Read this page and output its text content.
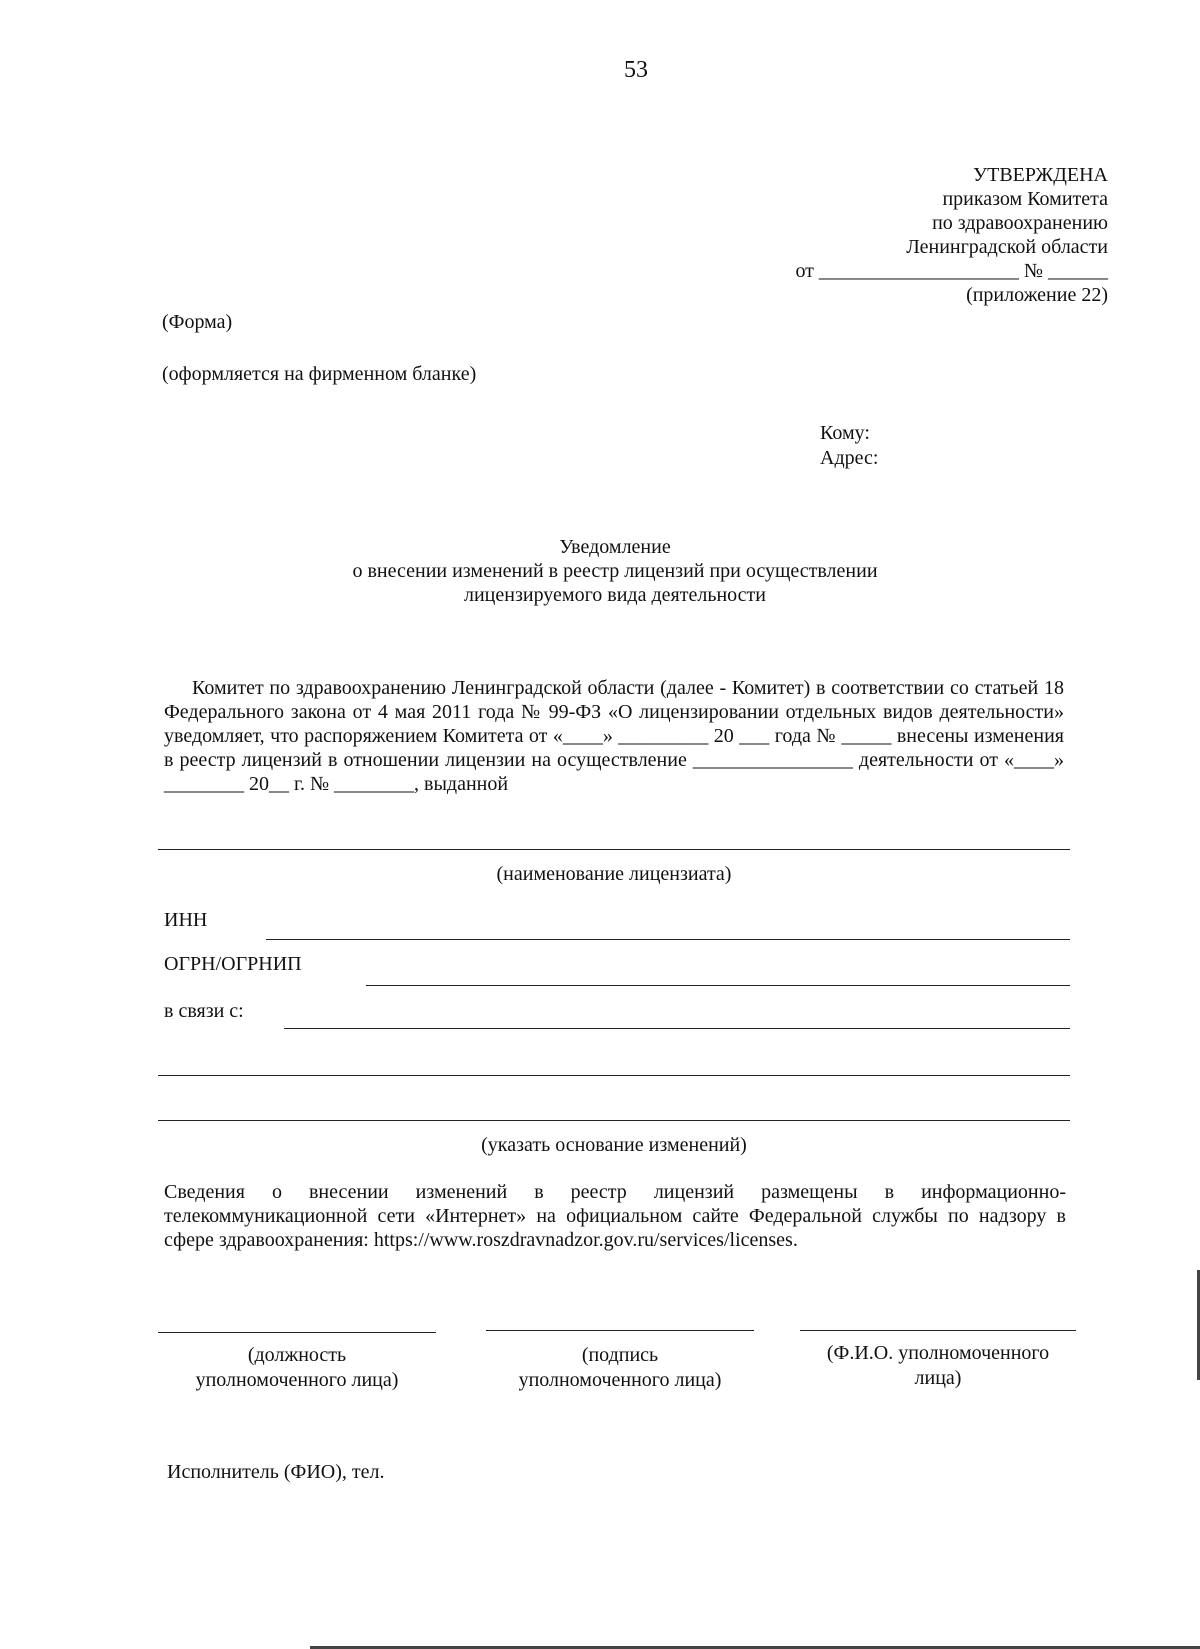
53
УТВЕРЖДЕНА
приказом Комитета
по здравоохранению
Ленинградской области
от ____________________ № ______
(приложение 22)
(Форма)
(оформляется на фирменном бланке)
Кому:
Адрес:
Уведомление
о внесении изменений в реестр лицензий при осуществлении
лицензируемого вида деятельности

Комитет по здравоохранению Ленинградской области (далее - Комитет) в соответствии со статьей 18 Федерального закона от 4 мая 2011 года № 99-ФЗ «О лицензировании отдельных видов деятельности» уведомляет, что распоряжением Комитета от «____» _________ 20 ___ года № _____ внесены изменения в реестр лицензий в отношении лицензии на осуществление ________________ деятельности от «____» ________ 20__ г. № ________, выданной

(наименование лицензиата)
ИНН
ОГРН/ОГРНИП
в связи с:
(указать основание изменений)
Сведения о внесении изменений в реестр лицензий размещены в информационно-телекоммуникационной сети «Интернет» на официальном сайте Федеральной службы по надзору в сфере здравоохранения: https://www.roszdravnadzor.gov.ru/services/licenses.
(должность
уполномоченного лица)
(подпись
уполномоченного лица)
(Ф.И.О. уполномоченного
лица)
Исполнитель (ФИО), тел.
